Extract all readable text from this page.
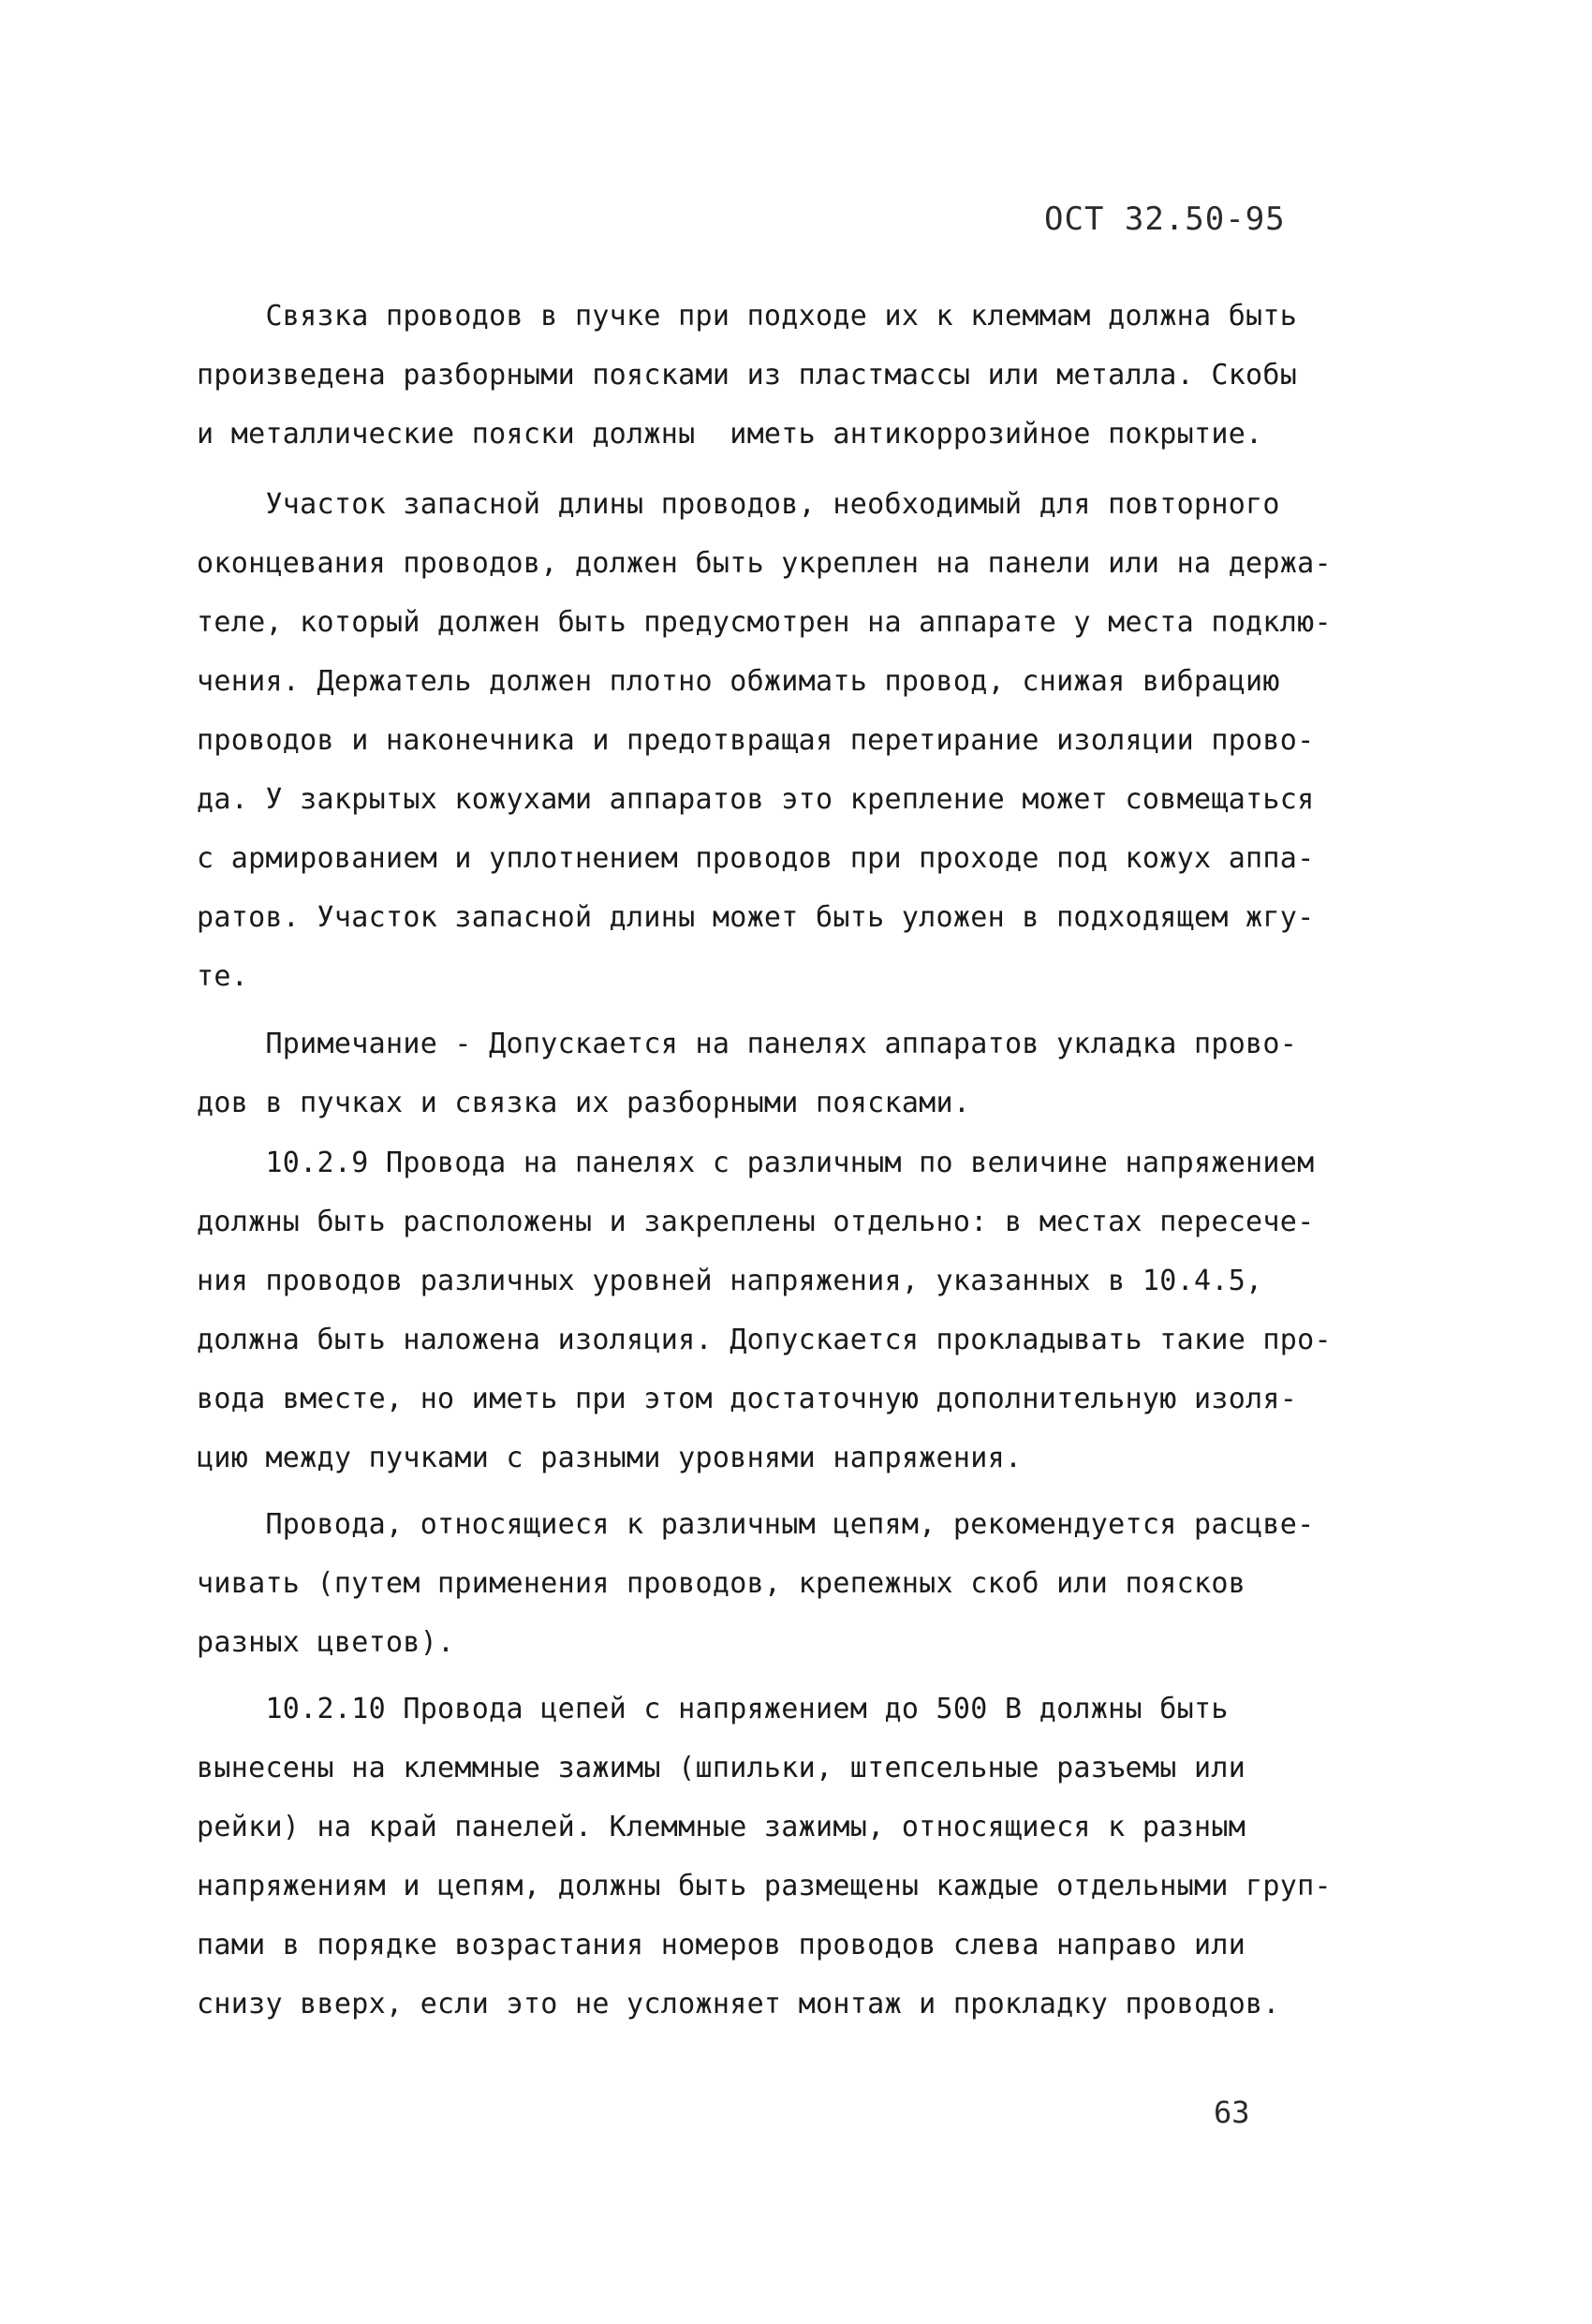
ОСТ 32.50-95
Связка проводов в пучке при подходе их к клеммам должна быть
произведена разборными поясками из пластмассы или металла. Скобы
и металлические пояски должны  иметь антикоррозийное покрытие.
Участок запасной длины проводов, необходимый для повторного
оконцевания проводов, должен быть укреплен на панели или на держа-
теле, который должен быть предусмотрен на аппарате у места подклю-
чения. Держатель должен плотно обжимать провод, снижая вибрацию
проводов и наконечника и предотвращая перетирание изоляции прово-
да. У закрытых кожухами аппаратов это крепление может совмещаться
с армированием и уплотнением проводов при проходе под кожух аппа-
ратов. Участок запасной длины может быть уложен в подходящем жгу-
те.
Примечание - Допускается на панелях аппаратов укладка прово-
дов в пучках и связка их разборными поясками.
10.2.9 Провода на панелях с различным по величине напряжением
должны быть расположены и закреплены отдельно: в местах пересече-
ния проводов различных уровней напряжения, указанных в 10.4.5,
должна быть наложена изоляция. Допускается прокладывать такие про-
вода вместе, но иметь при этом достаточную дополнительную изоля-
цию между пучками с разными уровнями напряжения.
Провода, относящиеся к различным цепям, рекомендуется расцве-
чивать (путем применения проводов, крепежных скоб или поясков
разных цветов).
10.2.10 Провода цепей с напряжением до 500 В должны быть
вынесены на клеммные зажимы (шпильки, штепсельные разъемы или
рейки) на край панелей. Клеммные зажимы, относящиеся к разным
напряжениям и цепям, должны быть размещены каждые отдельными груп-
пами в порядке возрастания номеров проводов слева направо или
снизу вверх, если это не усложняет монтаж и прокладку проводов.
63
